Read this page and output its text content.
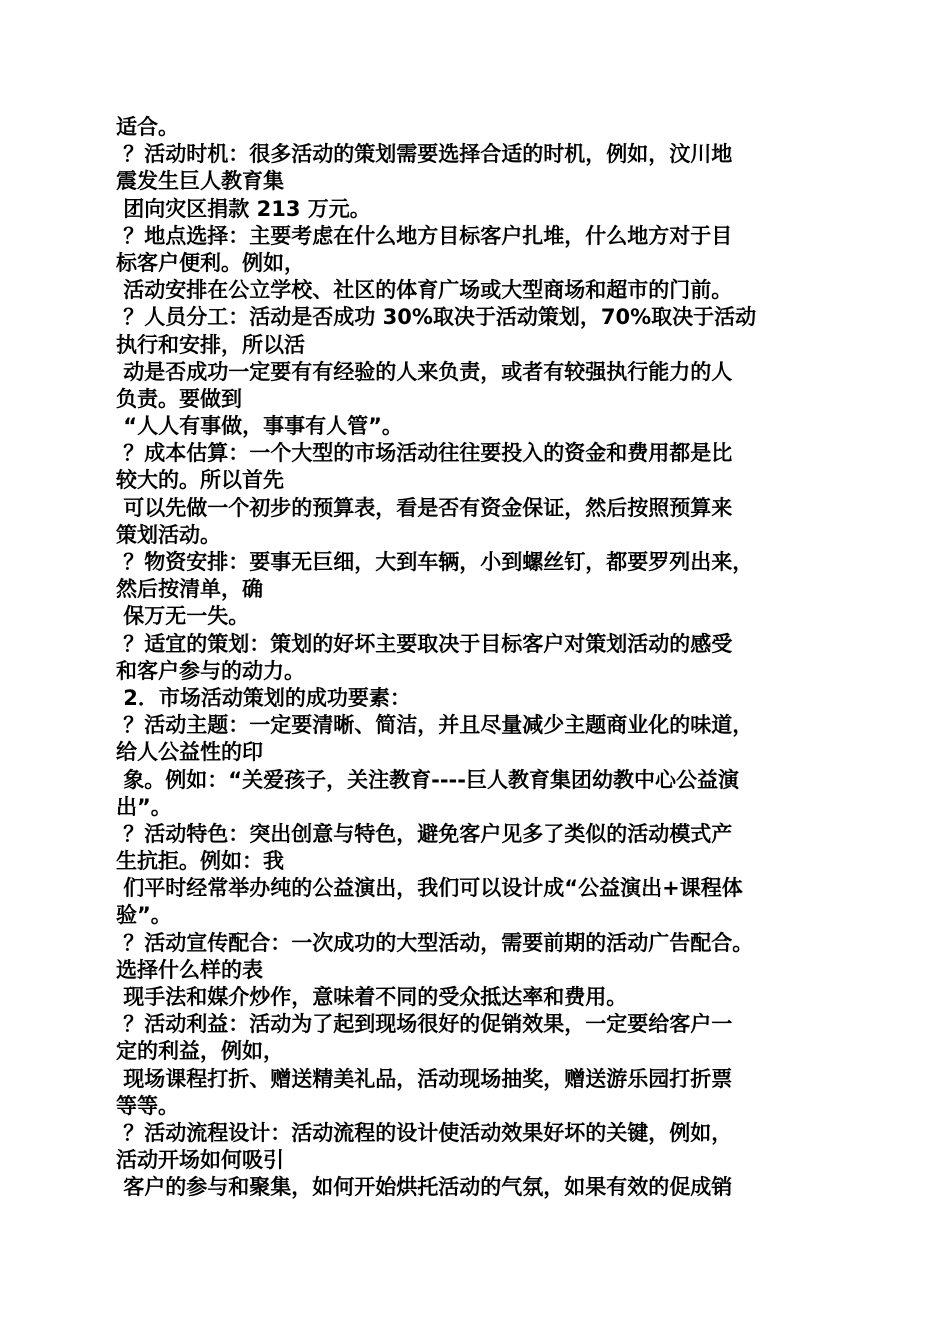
适合。
？活动时机：很多活动的策划需要选择合适的时机，例如，汶川地
震发生巨人教育集
团向灾区捐款 213 万元。
？地点选择：主要考虑在什么地方目标客户扎堆，什么地方对于目
标客户便利。例如，
活动安排在公立学校、社区的体育广场或大型商场和超市的门前。
？人员分工：活动是否成功 30%取决于活动策划，70%取决于活动
执行和安排，所以活
动是否成功一定要有有经验的人来负责，或者有较强执行能力的人
负责。要做到
“人人有事做，事事有人管”。
？成本估算：一个大型的市场活动往往要投入的资金和费用都是比
较大的。所以首先
可以先做一个初步的预算表，看是否有资金保证，然后按照预算来
策划活动。
？物资安排：要事无巨细，大到车辆，小到螺丝钉，都要罗列出来，
然后按清单，确
保万无一失。
？适宜的策划：策划的好坏主要取决于目标客户对策划活动的感受
和客户参与的动力。
2．市场活动策划的成功要素：
？活动主题：一定要清晰、简洁，并且尽量减少主题商业化的味道，
给人公益性的印
象。例如：“关爱孩子，关注教育----巨人教育集团幼教中心公益演
出”。
？活动特色：突出创意与特色，避免客户见多了类似的活动模式产
生抗拒。例如：我
们平时经常举办纯的公益演出，我们可以设计成“公益演出+课程体
验”。
？活动宣传配合：一次成功的大型活动，需要前期的活动广告配合。
选择什么样的表
现手法和媒介炒作，意味着不同的受众抵达率和费用。
？活动利益：活动为了起到现场很好的促销效果，一定要给客户一
定的利益，例如，
现场课程打折、赠送精美礼品，活动现场抽奖，赠送游乐园打折票
等等。
？活动流程设计：活动流程的设计使活动效果好坏的关键，例如，
活动开场如何吸引
客户的参与和聚集，如何开始烘托活动的气氛，如果有效的促成销
